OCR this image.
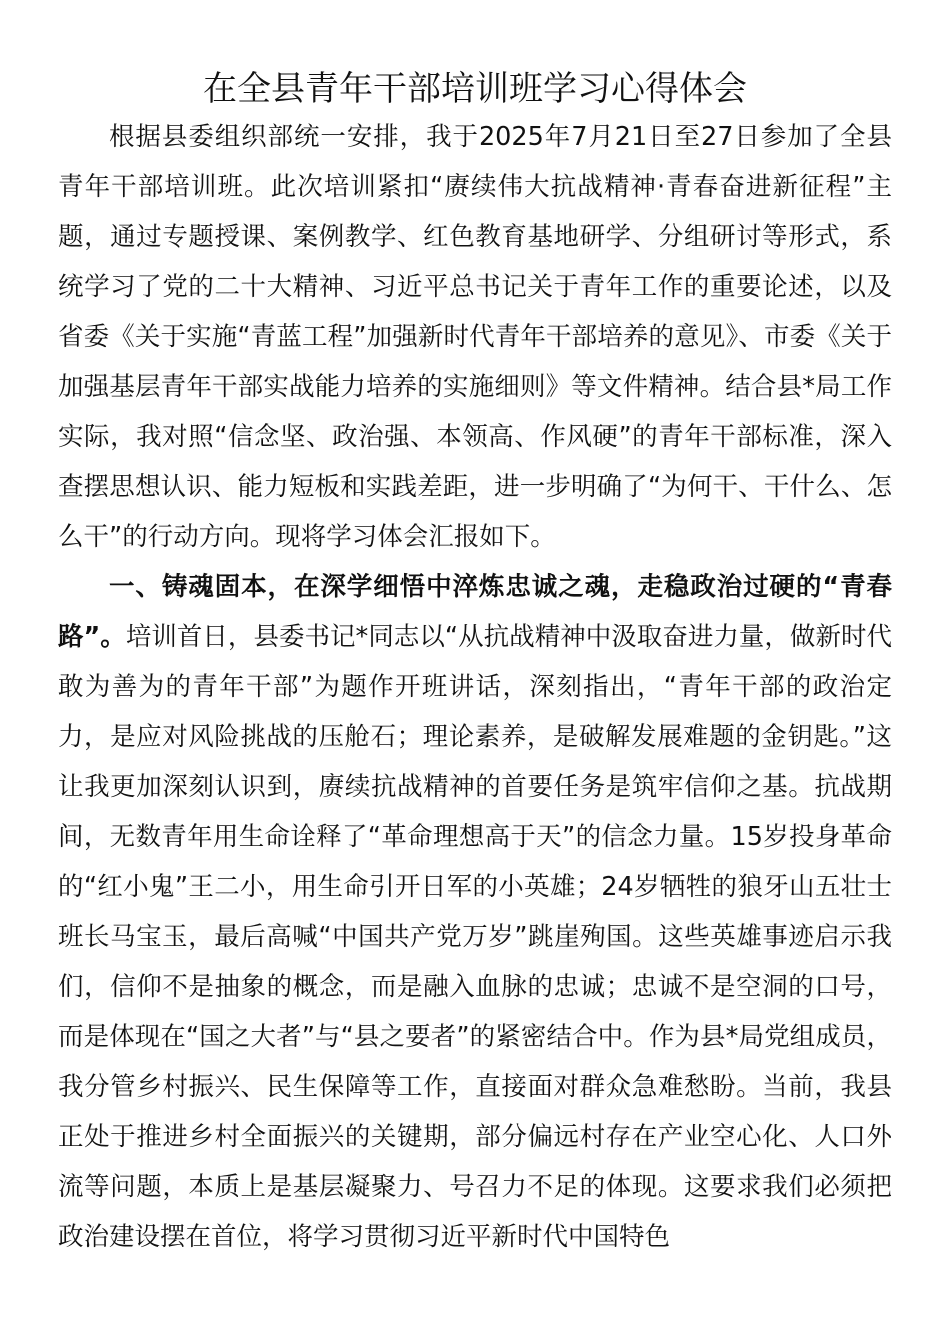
在全县青年干部培训班学习心得体会

根据县委组织部统一安排，我于2025年7月21日至27日参加了全县青年干部培训班。此次培训紧扣“赓续伟大抗战精神·青春奋进新征程”主题，通过专题授课、案例教学、红色教育基地研学、分组研讨等形式，系统学习了党的二十大精神、习近平总书记关于青年工作的重要论述，以及省委《关于实施“青蓝工程”加强新时代青年干部培养的意见》、市委《关于加强基层青年干部实战能力培养的实施细则》等文件精神。结合县*局工作实际，我对照“信念坚、政治强、本领高、作风硬”的青年干部标准，深入查摆思想认识、能力短板和实践差距，进一步明确了“为何干、干什么、怎么干”的行动方向。现将学习体会汇报如下。

一、铸魂固本，在深学细悟中淬炼忠诚之魂，走稳政治过硬的“青春路”。培训首日，县委书记*同志以“从抗战精神中汲取奋进力量，做新时代敢为善为的青年干部”为题作开班讲话，深刻指出，“青年干部的政治定力，是应对风险挑战的压舱石；理论素养，是破解发展难题的金钥匙。”这让我更加深刻认识到，赓续抗战精神的首要任务是筑牢信仰之基。抗战期间，无数青年用生命诠释了“革命理想高于天”的信念力量。15岁投身革命的“红小鬼”王二小，用生命引开日军的小英雄；24岁牺牲的狼牙山五壮士班长马宝玉，最后高喊“中国共产党万岁”跳崖殉国。这些英雄事迹启示我们，信仰不是抽象的概念，而是融入血脉的忠诚；忠诚不是空洞的口号，而是体现在“国之大者”与“县之要者”的紧密结合中。作为县*局党组成员，我分管乡村振兴、民生保障等工作，直接面对群众急难愁盼。当前，我县正处于推进乡村全面振兴的关键期，部分偏远村存在产业空心化、人口外流等问题，本质上是基层凝聚力、号召力不足的体现。这要求我们必须把政治建设摆在首位，将学习贯彻习近平新时代中国特色
